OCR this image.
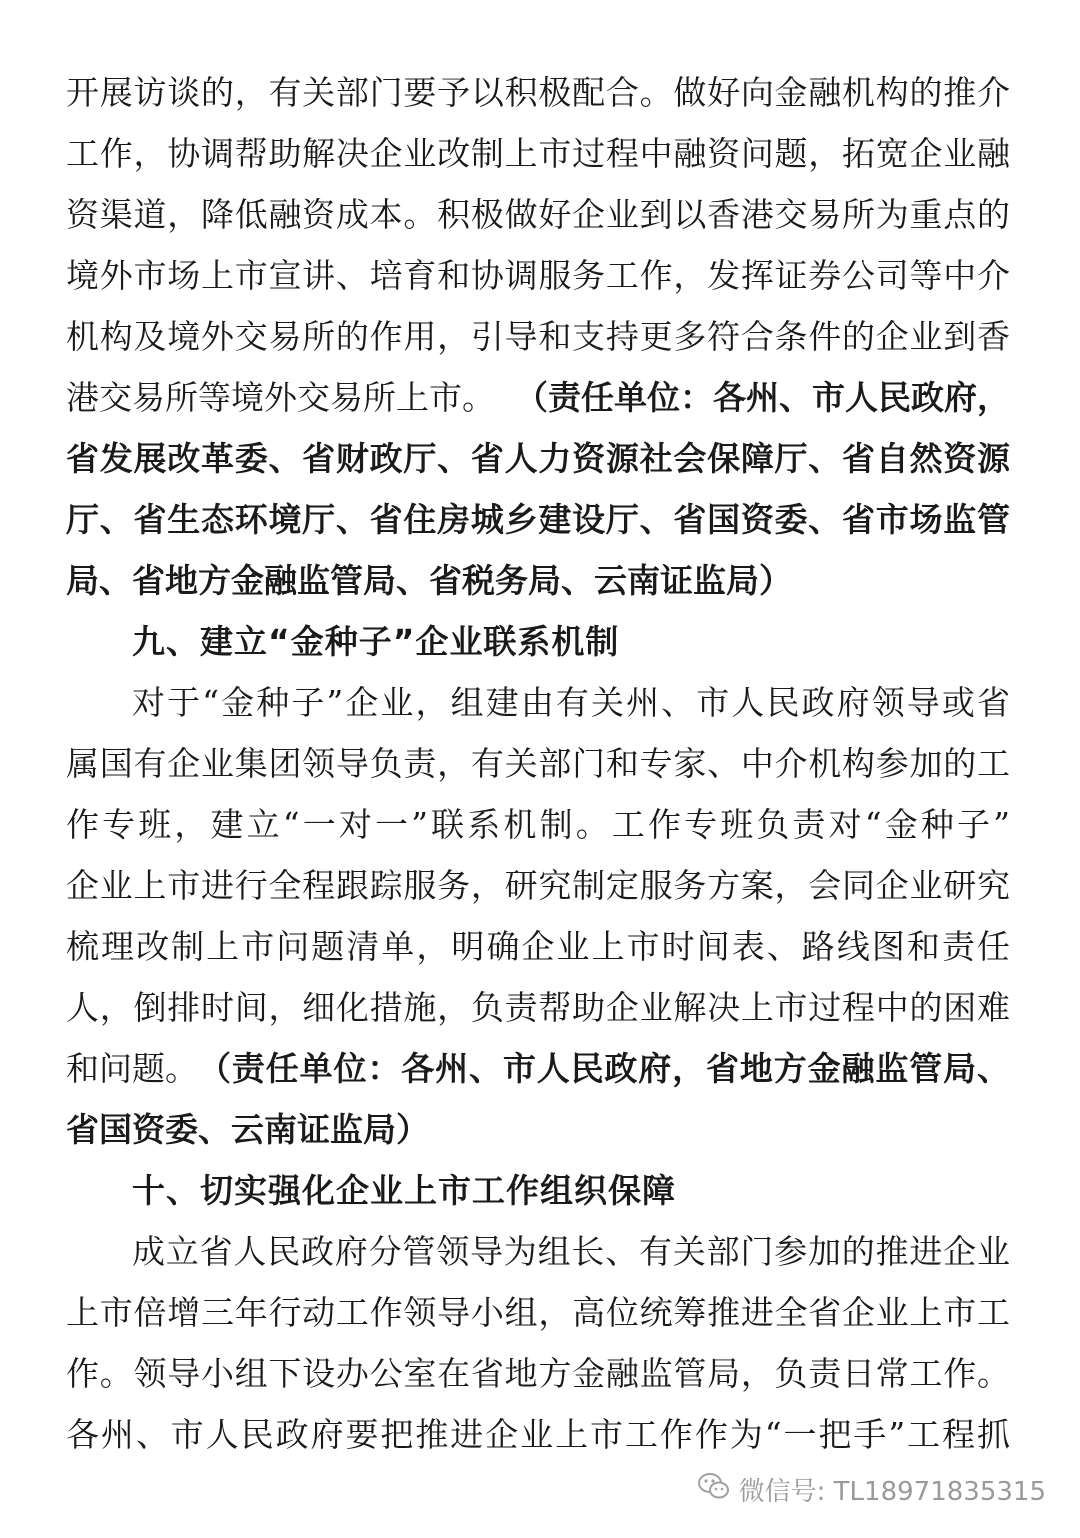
开展访谈的，有关部门要予以积极配合。做好向金融机构的推介
工作，协调帮助解决企业改制上市过程中融资问题，拓宽企业融
资渠道，降低融资成本。积极做好企业到以香港交易所为重点的
境外市场上市宣讲、培育和协调服务工作，发挥证券公司等中介
机构及境外交易所的作用，引导和支持更多符合条件的企业到香
港交易所等境外交易所上市。 （责任单位：各州、市人民政府，
省发展改革委、省财政厅、省人力资源社会保障厅、省自然资源
厅、省生态环境厅、省住房城乡建设厅、省国资委、省市场监管
局、省地方金融监管局、省税务局、云南证监局）
九、建立“金种子”企业联系机制
对于“金种子”企业，组建由有关州、市人民政府领导或省
属国有企业集团领导负责，有关部门和专家、中介机构参加的工
作专班，建立“一对一”联系机制。工作专班负责对“金种子”
企业上市进行全程跟踪服务，研究制定服务方案，会同企业研究
梳理改制上市问题清单，明确企业上市时间表、路线图和责任
人，倒排时间，细化措施，负责帮助企业解决上市过程中的困难
和问题。 （责任单位：各州、市人民政府，省地方金融监管局、
省国资委、云南证监局）
十、切实强化企业上市工作组织保障
成立省人民政府分管领导为组长、有关部门参加的推进企业
上市倍增三年行动工作领导小组，高位统筹推进全省企业上市工
作。领导小组下设办公室在省地方金融监管局，负责日常工作。
各州、市人民政府要把推进企业上市工作作为“一把手”工程抓
微信号: TL18971835315
